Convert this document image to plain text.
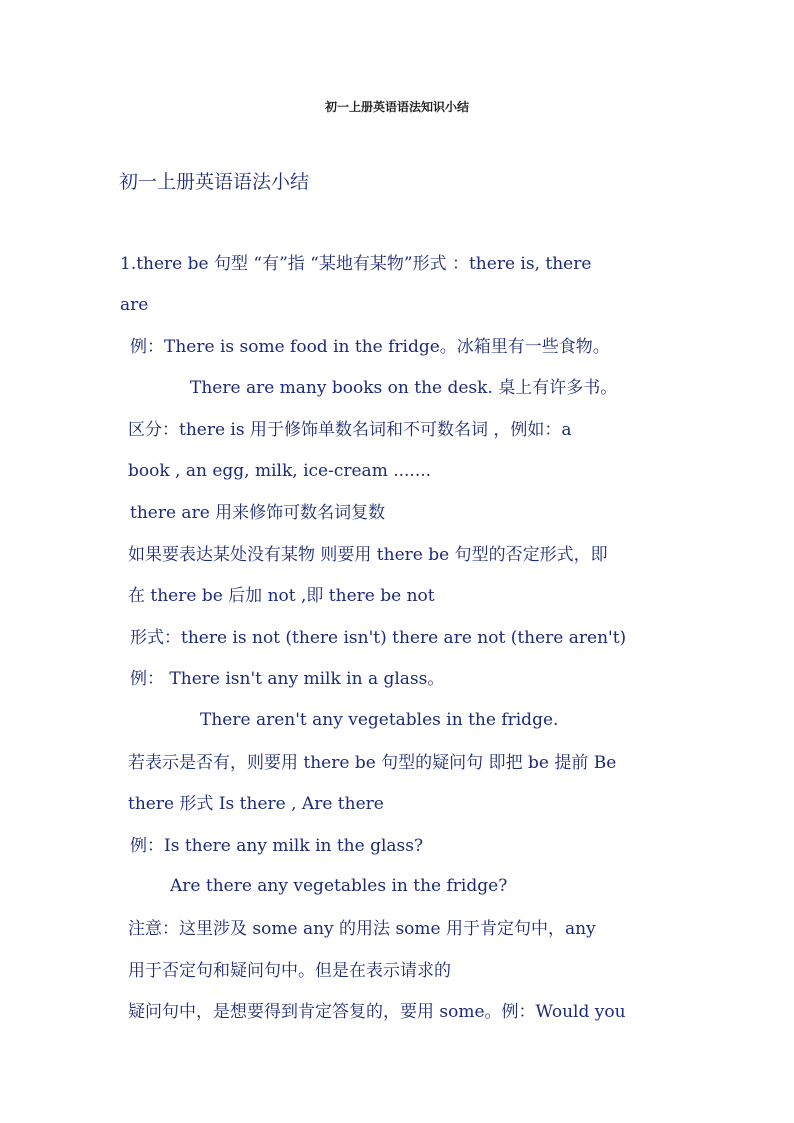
初一上册英语语法知识小结
初一上册英语语法小结
1.there be 句型 “有”指 “某地有某物”形式 ：there is, there
are
例：There is some food in the fridge。冰箱里有一些食物。
There are many books on the desk. 桌上有许多书。
区分：there is 用于修饰单数名词和不可数名词 ，例如：a
book , an egg, milk, ice-cream .......
there are 用来修饰可数名词复数
如果要表达某处没有某物 则要用 there be 句型的否定形式，即
在 there be 后加 not ,即 there be not
形式：there is not (there isn't) there are not (there aren't)
例： There isn't any milk in a glass。
There aren't any vegetables in the fridge.
若表示是否有，则要用 there be 句型的疑问句 即把 be 提前 Be
there 形式 Is there , Are there
例：Is there any milk in the glass?
Are there any vegetables in the fridge?
注意：这里涉及 some any 的用法 some 用于肯定句中，any
用于否定句和疑问句中。但是在表示请求的
疑问句中，是想要得到肯定答复的，要用 some。例：Would you
